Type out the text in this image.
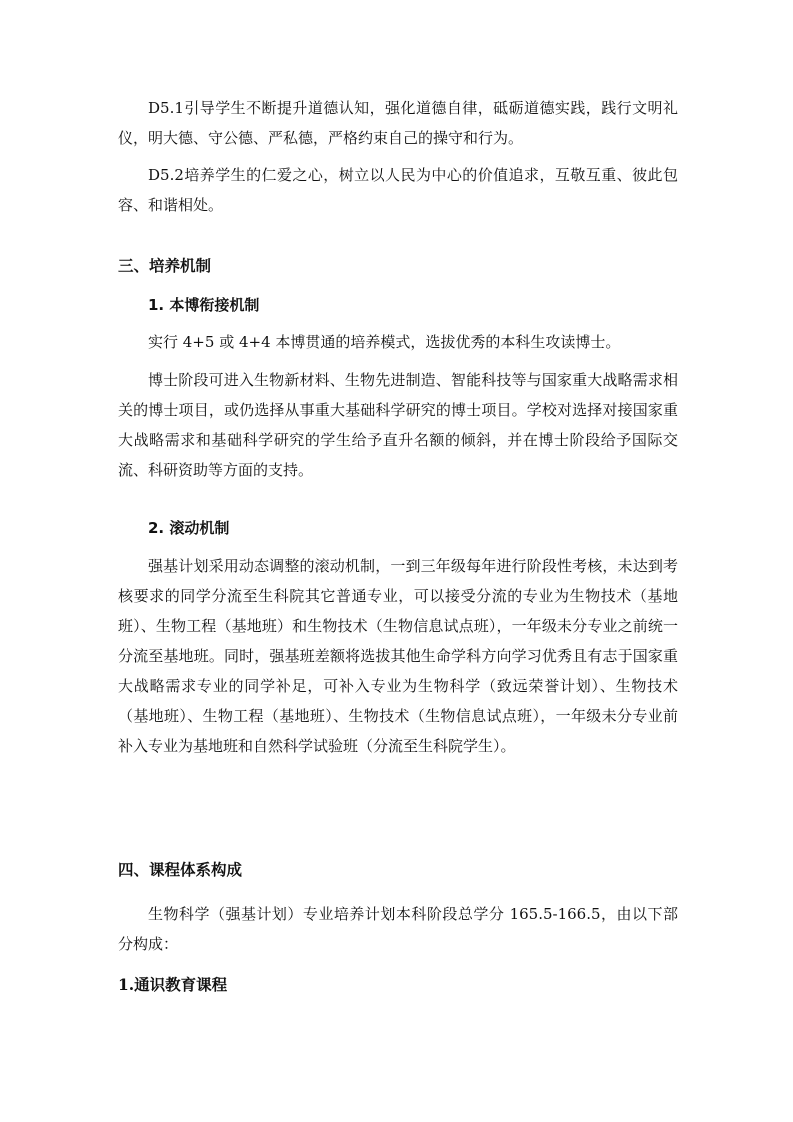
D5.1引导学生不断提升道德认知，强化道德自律，砥砺道德实践，践行文明礼仪，明大德、守公德、严私德，严格约束自己的操守和行为。

D5.2培养学生的仁爱之心，树立以人民为中心的价值追求，互敬互重、彼此包容、和谐相处。

三、培养机制
1. 本博衔接机制

实行 4+5 或 4+4 本博贯通的培养模式，选拔优秀的本科生攻读博士。

博士阶段可进入生物新材料、生物先进制造、智能科技等与国家重大战略需求相关的博士项目，或仍选择从事重大基础科学研究的博士项目。学校对选择对接国家重大战略需求和基础科学研究的学生给予直升名额的倾斜，并在博士阶段给予国际交流、科研资助等方面的支持。

2. 滚动机制

强基计划采用动态调整的滚动机制，一到三年级每年进行阶段性考核，未达到考核要求的同学分流至生科院其它普通专业，可以接受分流的专业为生物技术（基地班）、生物工程（基地班）和生物技术（生物信息试点班），一年级未分专业之前统一分流至基地班。同时，强基班差额将选拔其他生命学科方向学习优秀且有志于国家重大战略需求专业的同学补足，可补入专业为生物科学（致远荣誉计划）、生物技术（基地班）、生物工程（基地班）、生物技术（生物信息试点班），一年级未分专业前补入专业为基地班和自然科学试验班（分流至生科院学生）。

四、课程体系构成

生物科学（强基计划）专业培养计划本科阶段总学分 165.5-166.5，由以下部分构成：

1.通识教育课程
